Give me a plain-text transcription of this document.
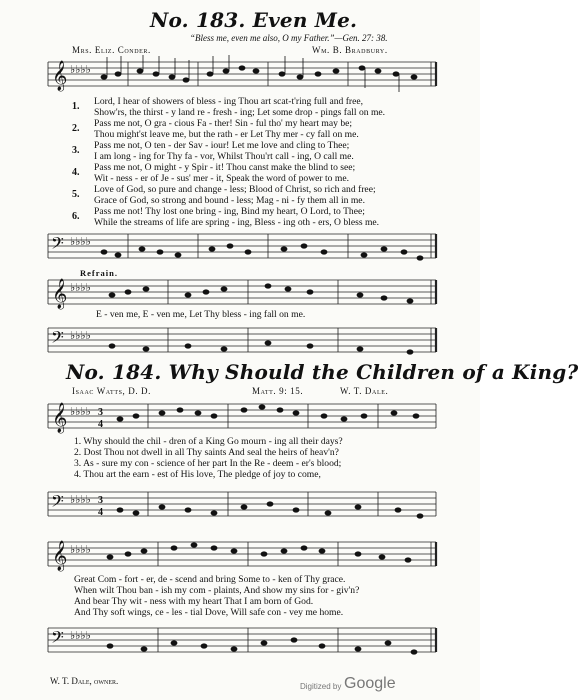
No. 183. Even Me.
“Bless me, even me also, O my Father.”—Gen. 27: 38.
Mrs. Eliz. Conder.	Wm. B. Bradbury.
𝄞 ♭♭♭♭
1. Lord, I hear of showers of bless - ing Thou art scat-t'ring full and free,
Show'rs, the thirst - y land re - fresh - ing; Let some drop - pings fall on me.
2. Pass me not, O gra - cious Fa - ther! Sin - ful tho' my heart may be;
Thou might'st leave me, but the rath - er Let Thy mer - cy fall on me.
3. Pass me not, O ten - der Sav - iour! Let me love and cling to Thee;
I am long - ing for Thy fa - vor, Whilst Thou'rt call - ing, O call me.
4. Pass me not, O might - y Spir - it! Thou canst make the blind to see;
Wit - ness - er of Je - sus' mer - it, Speak the word of power to me.
5. Love of God, so pure and change - less; Blood of Christ, so rich and free;
Grace of God, so strong and bound - less; Mag - ni - fy them all in me.
6. Pass me not! Thy lost one bring - ing, Bind my heart, O Lord, to Thee;
While the streams of life are spring - ing, Bless - ing oth - ers, O bless me.
𝄢 ♭♭♭♭
Refrain.
𝄞 ♭♭♭♭
E - ven me, E - ven me, Let Thy bless - ing fall on me.
𝄢 ♭♭♭♭
No. 184. Why Should the Children of a King?
Isaac Watts, D. D.	Matt. 9: 15.	W. T. Dale.
𝄞 ♭♭♭♭ 3
4
1. Why should the chil - dren of a King Go mourn - ing all their days?
2. Dost Thou not dwell in all Thy saints And seal the heirs of heav'n?
3. As - sure my con - science of her part In the Re - deem - er's blood;
4. Thou art the earn - est of His love, The pledge of joy to come,
𝄢 ♭♭♭♭ 3
4
𝄞 ♭♭♭♭
Great Com - fort - er, de - scend and bring Some to - ken of Thy grace.
When wilt Thou ban - ish my com - plaints, And show my sins for - giv'n?
And bear Thy wit - ness with my heart That I am born of God.
And Thy soft wings, ce - les - tial Dove, Will safe con - vey me home.
𝄢 ♭♭♭♭
W. T. Dale, owner.
Digitized by Google
